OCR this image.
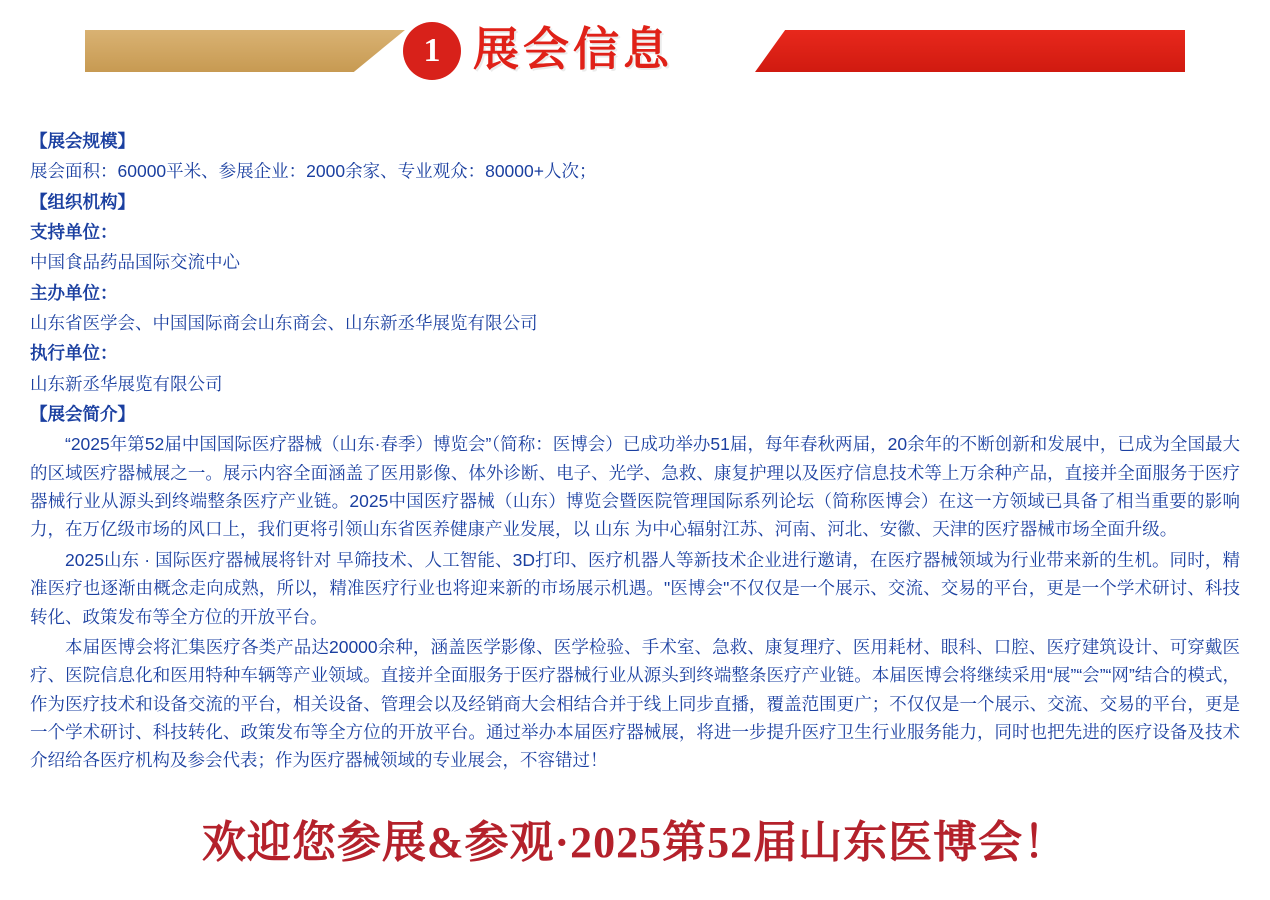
1 展会信息

【展会规模】

展会面积：60000平米、参展企业：2000余家、专业观众：80000+人次；

【组织机构】

支持单位：

中国食品药品国际交流中心

主办单位：

山东省医学会、中国国际商会山东商会、山东新丞华展览有限公司

执行单位：

山东新丞华展览有限公司

【展会简介】

“2025年第52届中国国际医疗器械（山东·春季）博览会”（简称：医博会）已成功举办51届，每年春秋两届，20余年的不断创新和发展中，已成为全国最大的区域医疗器械展之一。展示内容全面涵盖了医用影像、体外诊断、电子、光学、急救、康复护理以及医疗信息技术等上万余种产品，直接并全面服务于医疗器械行业从源头到终端整条医疗产业链。2025中国医疗器械（山东）博览会暨医院管理国际系列论坛（简称医博会）在这一方领域已具备了相当重要的影响力，在万亿级市场的风口上，我们更将引领山东省医养健康产业发展，以 山东 为中心辐射江苏、河南、河北、安徽、天津的医疗器械市场全面升级。

2025山东 · 国际医疗器械展将针对 早筛技术、人工智能、3D打印、医疗机器人等新技术企业进行邀请，在医疗器械领域为行业带来新的生机。同时，精准医疗也逐渐由概念走向成熟，所以，精准医疗行业也将迎来新的市场展示机遇。"医博会"不仅仅是一个展示、交流、交易的平台，更是一个学术研讨、科技转化、政策发布等全方位的开放平台。

本届医博会将汇集医疗各类产品达20000余种，涵盖医学影像、医学检验、手术室、急救、康复理疗、医用耗材、眼科、口腔、医疗建筑设计、可穿戴医疗、医院信息化和医用特种车辆等产业领域。直接并全面服务于医疗器械行业从源头到终端整条医疗产业链。本届医博会将继续采用“展”“会”“网”结合的模式，作为医疗技术和设备交流的平台，相关设备、管理会以及经销商大会相结合并于线上同步直播，覆盖范围更广；不仅仅是一个展示、交流、交易的平台，更是一个学术研讨、科技转化、政策发布等全方位的开放平台。通过举办本届医疗器械展，将进一步提升医疗卫生行业服务能力，同时也把先进的医疗设备及技术介绍给各医疗机构及参会代表；作为医疗器械领域的专业展会，不容错过！

欢迎您参展&参观·2025第52届山东医博会！
